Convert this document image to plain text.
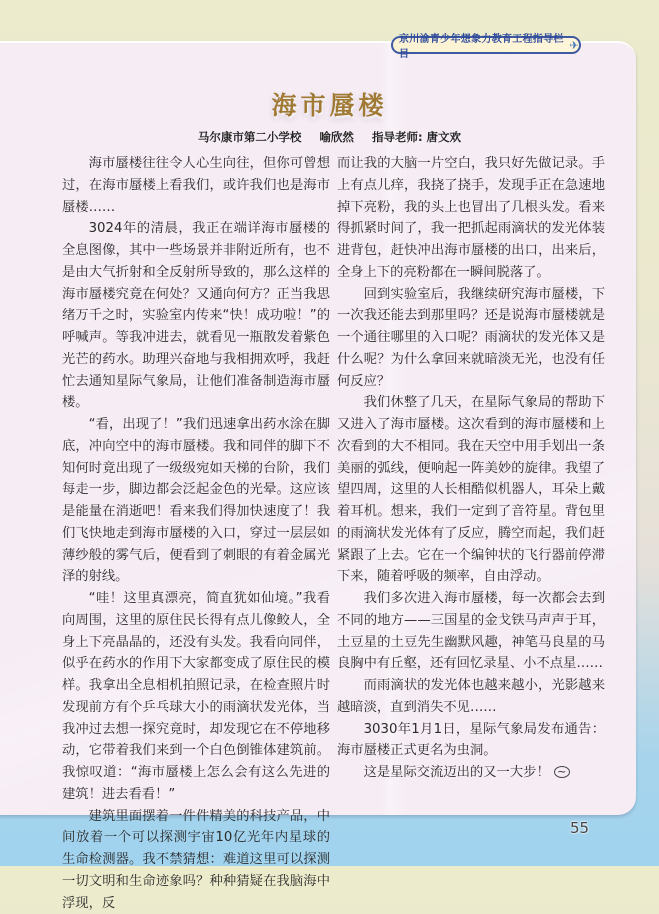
京川渝青少年想象力教育工程指导栏目
✈
海市蜃楼
马尔康市第二小学校 喻欣然 指导老师: 唐文欢

海市蜃楼往往令人心生向往，但你可曾想过，在海市蜃楼上看我们，或许我们也是海市蜃楼……

3024年的清晨，我正在端详海市蜃楼的全息图像，其中一些场景并非附近所有，也不是由大气折射和全反射所导致的，那么这样的海市蜃楼究竟在何处？又通向何方？正当我思绪万千之时，实验室内传来“快！成功啦！”的呼喊声。等我冲进去，就看见一瓶散发着紫色光芒的药水。助理兴奋地与我相拥欢呼，我赶忙去通知星际气象局，让他们准备制造海市蜃楼。

“看，出现了！”我们迅速拿出药水涂在脚底，冲向空中的海市蜃楼。我和同伴的脚下不知何时竟出现了一级级宛如天梯的台阶，我们每走一步，脚边都会泛起金色的光晕。这应该是能量在消逝吧！看来我们得加快速度了！我们飞快地走到海市蜃楼的入口，穿过一层层如薄纱般的雾气后，便看到了刺眼的有着金属光泽的射线。

“哇！这里真漂亮，简直犹如仙境。”我看向周围，这里的原住民长得有点儿像鲛人，全身上下亮晶晶的，还没有头发。我看向同伴，似乎在药水的作用下大家都变成了原住民的模样。我拿出全息相机拍照记录，在检查照片时发现前方有个乒乓球大小的雨滴状发光体，当我冲过去想一探究竟时，却发现它在不停地移动，它带着我们来到一个白色倒锥体建筑前。我惊叹道：“海市蜃楼上怎么会有这么先进的建筑！进去看看！”

建筑里面摆着一件件精美的科技产品，中间放着一个可以探测宇宙10亿光年内星球的生命检测器。我不禁猜想：难道这里可以探测一切文明和生命迹象吗？种种猜疑在我脑海中浮现，反

而让我的大脑一片空白，我只好先做记录。手上有点儿痒，我挠了挠手，发现手正在急速地掉下亮粉，我的头上也冒出了几根头发。看来得抓紧时间了，我一把抓起雨滴状的发光体装进背包，赶快冲出海市蜃楼的出口，出来后，全身上下的亮粉都在一瞬间脱落了。

回到实验室后，我继续研究海市蜃楼，下一次我还能去到那里吗？还是说海市蜃楼就是一个通往哪里的入口呢？雨滴状的发光体又是什么呢？为什么拿回来就暗淡无光，也没有任何反应？

我们休整了几天，在星际气象局的帮助下又进入了海市蜃楼。这次看到的海市蜃楼和上次看到的大不相同。我在天空中用手划出一条美丽的弧线，便响起一阵美妙的旋律。我望了望四周，这里的人长相酷似机器人，耳朵上戴着耳机。想来，我们一定到了音符星。背包里的雨滴状发光体有了反应，腾空而起，我们赶紧跟了上去。它在一个编钟状的飞行器前停滞下来，随着呼吸的频率，自由浮动。

我们多次进入海市蜃楼，每一次都会去到不同的地方——三国星的金戈铁马声声于耳，土豆星的土豆先生幽默风趣，神笔马良星的马良胸中有丘壑，还有回忆录星、小不点星……

而雨滴状的发光体也越来越小，光影越来越暗淡，直到消失不见……

3030年1月1日，星际气象局发布通告：海市蜃楼正式更名为虫洞。

这是星际交流迈出的又一大步！ ~

55
